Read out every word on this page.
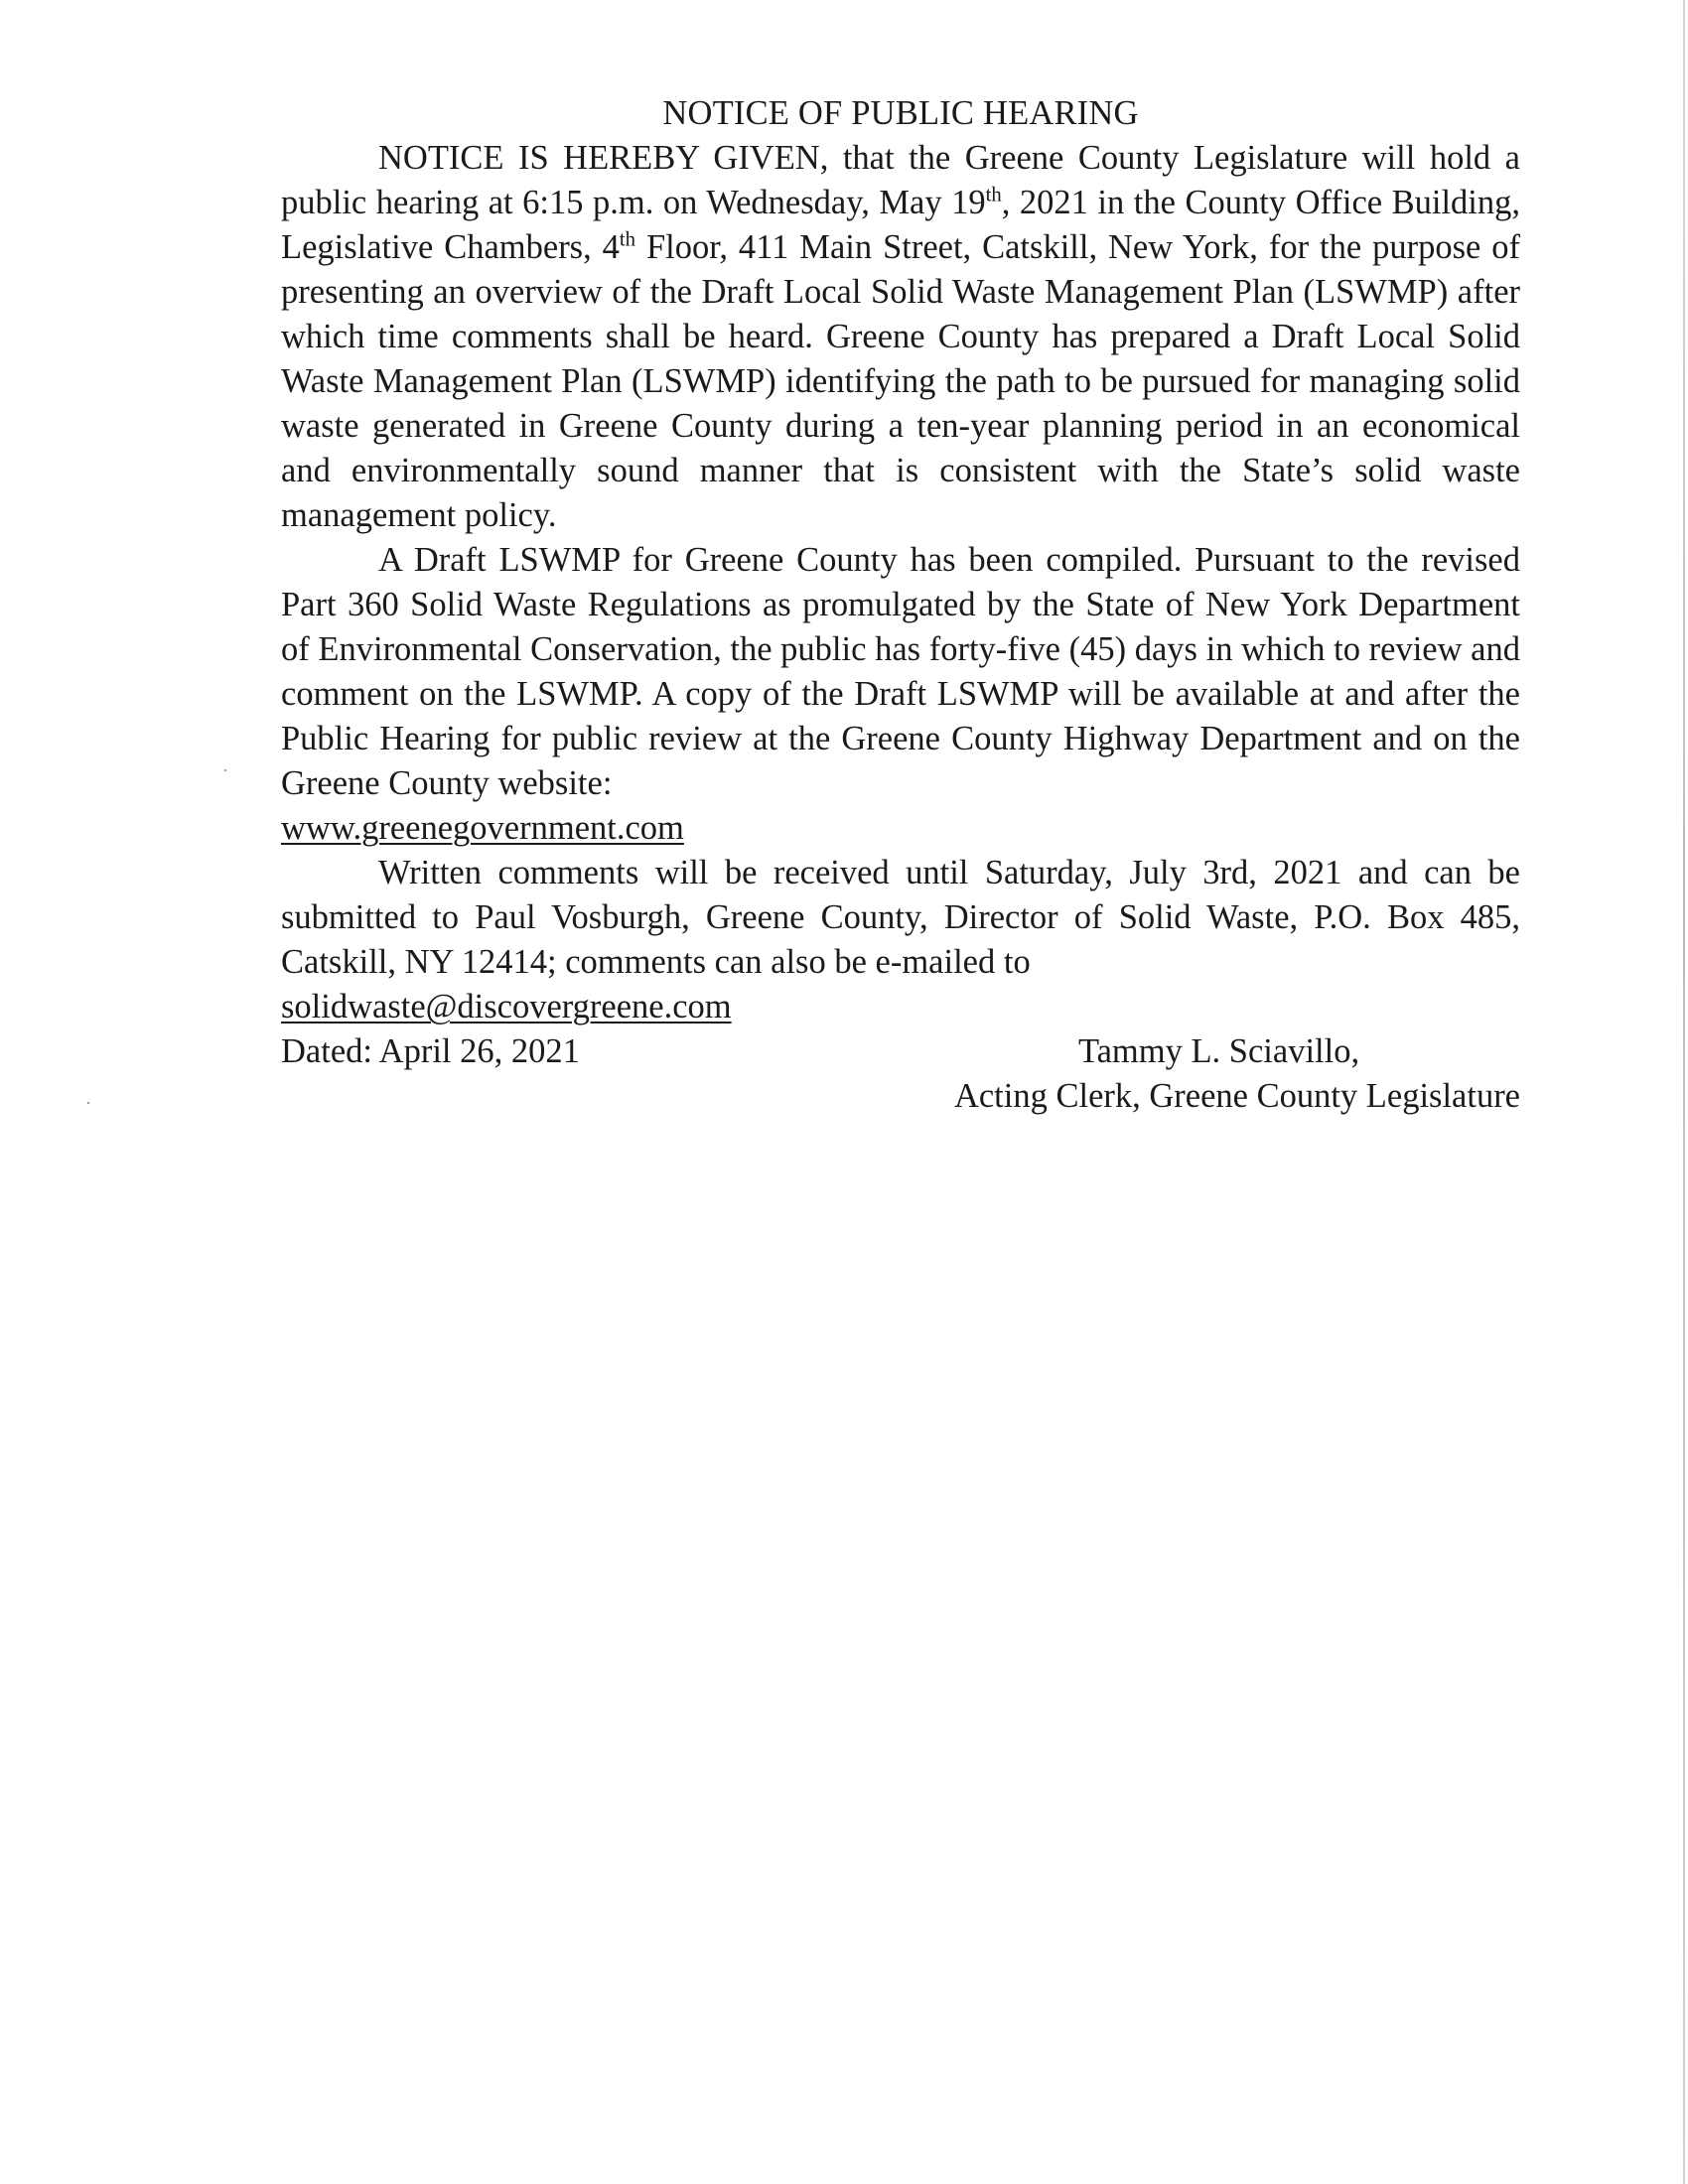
NOTICE OF PUBLIC HEARING

NOTICE IS HEREBY GIVEN, that the Greene County Legislature will hold a public hearing at 6:15 p.m. on Wednesday, May 19th, 2021 in the County Office Building, Legislative Chambers, 4th Floor, 411 Main Street, Catskill, New York, for the purpose of presenting an overview of the Draft Local Solid Waste Management Plan (LSWMP) after which time comments shall be heard. Greene County has prepared a Draft Local Solid Waste Management Plan (LSWMP) identifying the path to be pursued for managing solid waste generated in Greene County during a ten-year planning period in an economical and environmentally sound manner that is consistent with the State’s solid waste management policy.

A Draft LSWMP for Greene County has been compiled. Pursuant to the revised Part 360 Solid Waste Regulations as promulgated by the State of New York Department of Environmental Conservation, the public has forty-five (45) days in which to review and comment on the LSWMP. A copy of the Draft LSWMP will be available at and after the Public Hearing for public review at the Greene County Highway Department and on the Greene County website:
www.greenegovernment.com

Written comments will be received until Saturday, July 3rd, 2021 and can be submitted to Paul Vosburgh, Greene County, Director of Solid Waste, P.O. Box 485, Catskill, NY 12414; comments can also be e-mailed to
solidwaste@discovergreene.com

Dated: April 26, 2021	Tammy L. Sciavillo,
Acting Clerk, Greene County Legislature
